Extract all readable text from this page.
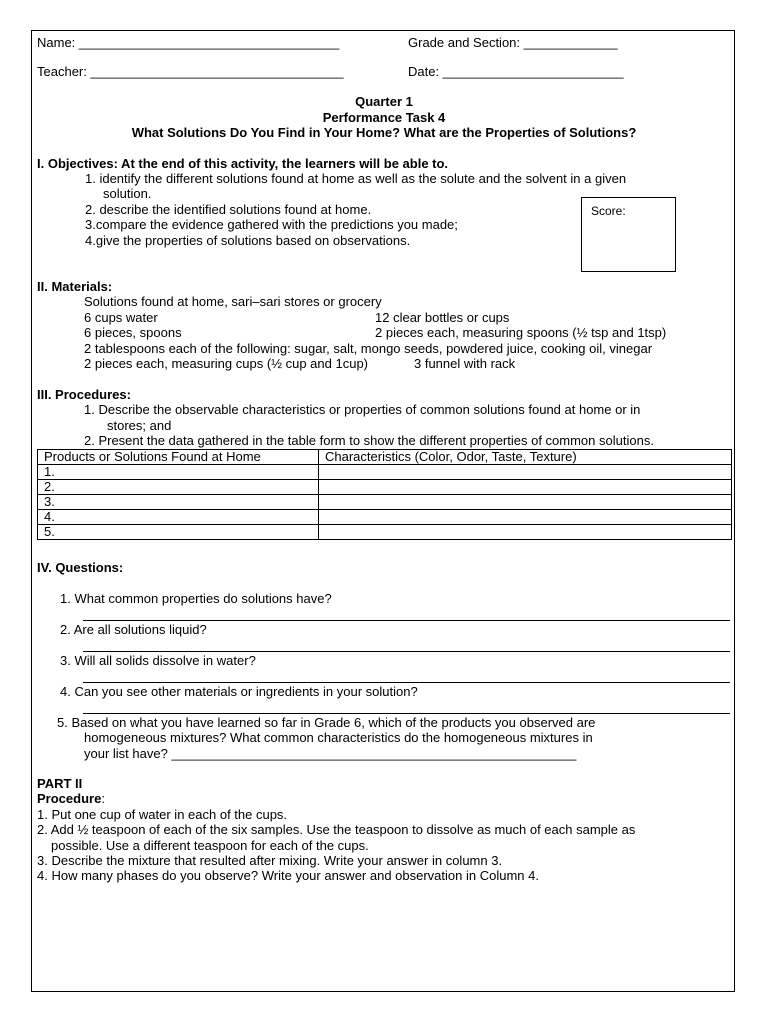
Name: ____________________________________	Grade and Section: _____________
Teacher: ___________________________________	Date: _________________________
Quarter 1
Performance Task 4
What Solutions Do You Find in Your Home? What are the Properties of Solutions?
I. Objectives: At the end of this activity, the learners will be able to.
1. identify the different solutions found at home as well as the solute and the solvent in a given
solution.
2. describe the identified solutions found at home.
3.compare the evidence gathered with the predictions you made;
4.give the properties of solutions based on observations.
Score:
II. Materials:
Solutions found at home, sari–sari stores or grocery
6 cups water	12 clear bottles or cups
6 pieces, spoons	2 pieces each, measuring spoons (½ tsp and 1tsp)
2 tablespoons each of the following: sugar, salt, mongo seeds, powdered juice, cooking oil, vinegar
2 pieces each, measuring cups (½ cup and 1cup)	3 funnel with rack
III. Procedures:
1. Describe the observable characteristics or properties of common solutions found at home or in
stores; and
2. Present the data gathered in the table form to show the different properties of common solutions.
Products or Solutions Found at Home	Characteristics (Color, Odor, Taste, Texture)
1.	
2.	
3.	
4.	
5.	
IV. Questions:
1. What common properties do solutions have?
2. Are all solutions liquid?
3. Will all solids dissolve in water?
4. Can you see other materials or ingredients in your solution?
5. Based on what you have learned so far in Grade 6, which of the products you observed are
homogeneous mixtures? What common characteristics do the homogeneous mixtures in
your list have? ________________________________________________________
PART II
Procedure:
1. Put one cup of water in each of the cups.
2. Add ½ teaspoon of each of the six samples. Use the teaspoon to dissolve as much of each sample as
possible. Use a different teaspoon for each of the cups.
3. Describe the mixture that resulted after mixing. Write your answer in column 3.
4. How many phases do you observe? Write your answer and observation in Column 4.
